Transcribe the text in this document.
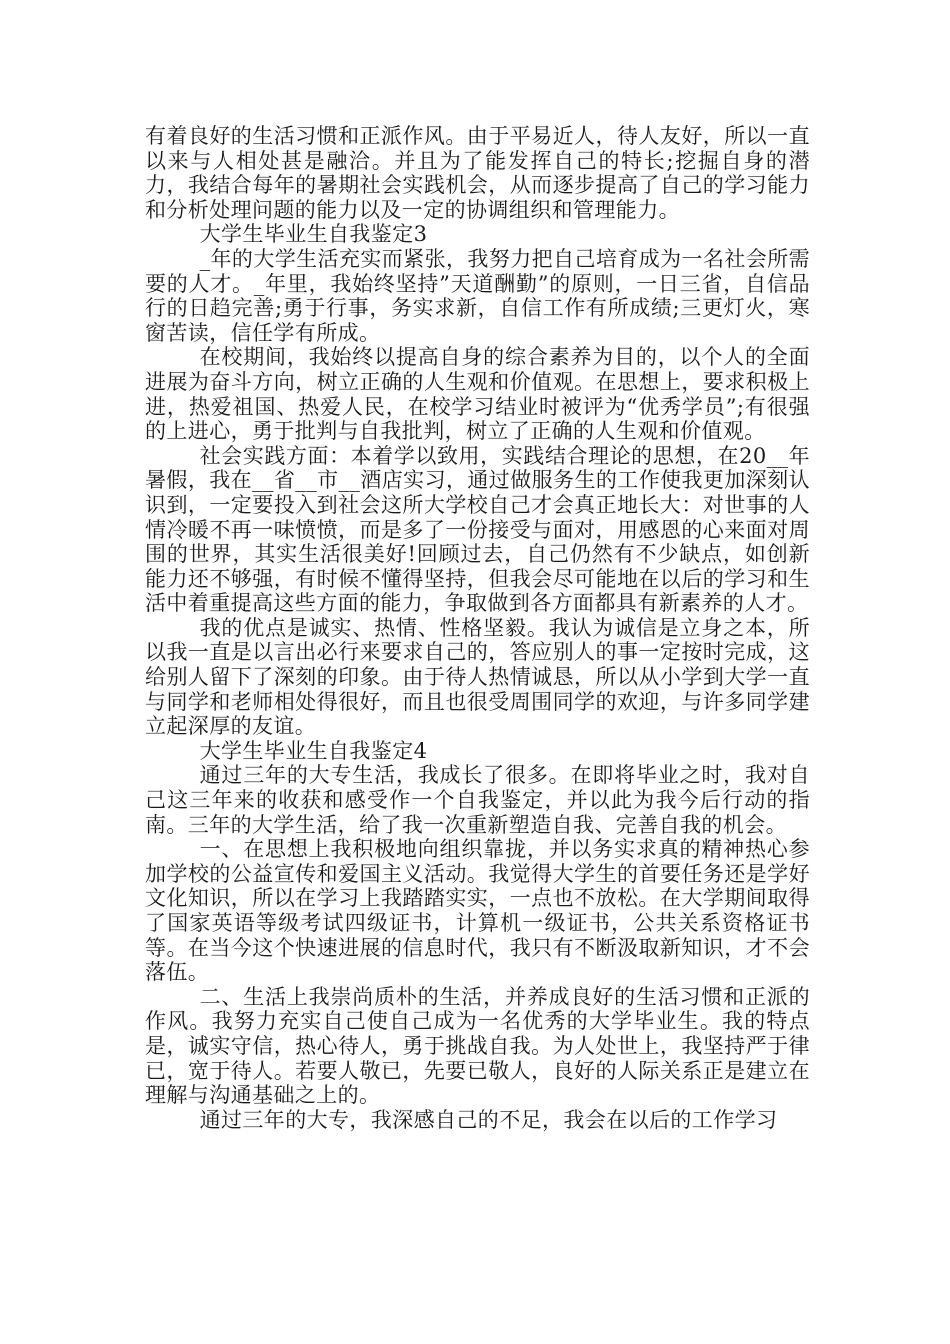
有着良好的生活习惯和正派作风。由于平易近人，待人友好，所以一直以来与人相处甚是融洽。并且为了能发挥自己的特长;挖掘自身的潜力，我结合每年的暑期社会实践机会，从而逐步提高了自己的学习能力和分析处理问题的能力以及一定的协调组织和管理能力。

大学生毕业生自我鉴定3

_年的大学生活充实而紧张，我努力把自己培育成为一名社会所需要的人才。_年里，我始终坚持”天道酬勤”的原则，一日三省，自信品行的日趋完善;勇于行事，务实求新，自信工作有所成绩;三更灯火，寒窗苦读，信任学有所成。

在校期间，我始终以提高自身的综合素养为目的，以个人的全面进展为奋斗方向，树立正确的人生观和价值观。在思想上，要求积极上进，热爱祖国、热爱人民，在校学习结业时被评为“优秀学员”;有很强的上进心，勇于批判与自我批判，树立了正确的人生观和价值观。

社会实践方面：本着学以致用，实践结合理论的思想，在20__年暑假，我在__省__市__酒店实习，通过做服务生的工作使我更加深刻认识到，一定要投入到社会这所大学校自己才会真正地长大：对世事的人情冷暖不再一味愤愤，而是多了一份接受与面对，用感恩的心来面对周围的世界，其实生活很美好!回顾过去，自己仍然有不少缺点，如创新能力还不够强，有时候不懂得坚持，但我会尽可能地在以后的学习和生活中着重提高这些方面的能力，争取做到各方面都具有新素养的人才。

我的优点是诚实、热情、性格坚毅。我认为诚信是立身之本，所以我一直是以言出必行来要求自己的，答应别人的事一定按时完成，这给别人留下了深刻的印象。由于待人热情诚恳，所以从小学到大学一直与同学和老师相处得很好，而且也很受周围同学的欢迎，与许多同学建立起深厚的友谊。

大学生毕业生自我鉴定4

通过三年的大专生活，我成长了很多。在即将毕业之时，我对自己这三年来的收获和感受作一个自我鉴定，并以此为我今后行动的指南。三年的大学生活，给了我一次重新塑造自我、完善自我的机会。

一、在思想上我积极地向组织靠拢，并以务实求真的精神热心参加学校的公益宣传和爱国主义活动。我觉得大学生的首要任务还是学好文化知识，所以在学习上我踏踏实实，一点也不放松。在大学期间取得了国家英语等级考试四级证书，计算机一级证书，公共关系资格证书等。在当今这个快速进展的信息时代，我只有不断汲取新知识，才不会落伍。

二、生活上我崇尚质朴的生活，并养成良好的生活习惯和正派的作风。我努力充实自己使自己成为一名优秀的大学毕业生。我的特点是，诚实守信，热心待人，勇于挑战自我。为人处世上，我坚持严于律已，宽于待人。若要人敬已，先要已敬人，良好的人际关系正是建立在理解与沟通基础之上的。

通过三年的大专，我深感自己的不足，我会在以后的工作学习
